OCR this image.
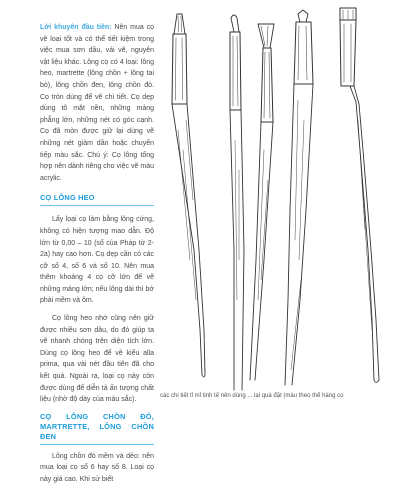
Lời khuyên đầu tiên: Nên mua cọ vẽ loại tốt và có thể tiết kiệm trong việc mua sơn dầu, vải vẽ, nguyên vật liệu khác. Lông cọ có 4 loại: lông heo, martrette (lông chồn + lông tai bò), lông chồn đen, lông chồn đỏ. Cọ tròn dùng để vẽ chi tiết. Cọ dẹp dùng tô mặt nền, những mảng phẳng lớn, những nét có góc cạnh. Cọ đã mòn được giữ lại dùng vẽ những nét giảm dần hoặc chuyển tiếp màu sắc. Chú ý: Cọ lông tổng hợp nên dành riêng cho việc vẽ màu acrylic.

CỌ LÔNG HEO

Lấy loại cọ làm bằng lông cứng, không có hiện tượng mao dẫn. Độ lớn từ 0,00 – 10 (số của Pháp từ 2-2a) hay cao hơn. Cọ dẹp cần có các cỡ số 4, số 6 và số 10. Nên mua thêm khoảng 4 cọ cỡ lớn để vẽ những mảng lớn; nếu lông dài thì bớ phải mềm và ôm.

Cọ lông heo nhớ cũng nên giữ được nhiều sơn dầu, do đó giúp ta vẽ nhanh chóng trên diện tích lớn. Dùng cọ lông heo để vẽ kiểu alla prima, qua vài nét đầu tiên đã cho kết quả. Ngoài ra, loại cọ này còn được dùng để diễn tả ấn tượng chất liệu (nhờ độ dày của màu sắc).

CỌ LÔNG CHỒN ĐỎ, MARTRETTE, LÔNG CHỒN ĐEN

Lông chồn đỏ mềm và dẻo: nên mua loại cọ số 6 hay số 8. Loại cọ này giá cao. Khi sử biết

các chi tiết tỉ mỉ tinh tế nên dùng ... lại quá đặt (màu theo thể hàng cọ
